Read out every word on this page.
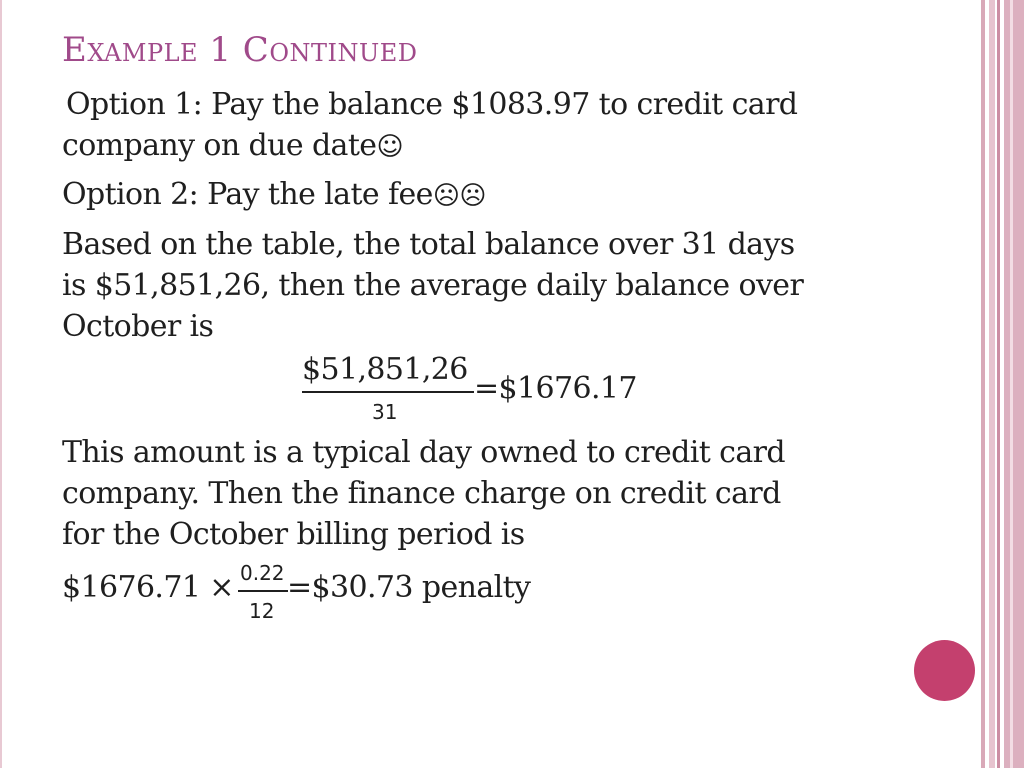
Example 1 Continued
Option 1: Pay the balance $1083.97 to credit card
company on due date☺
Option 2: Pay the late fee☹☹
Based on the table, the total balance over 31 days
is $51,851,26, then the average daily balance over
October is
$51,851,26
31
=$1676.17
This amount is a typical day owned to credit card
company. Then the finance charge on credit card
for the October billing period is
$1676.71 × 0.22
12
=$30.73 penalty
